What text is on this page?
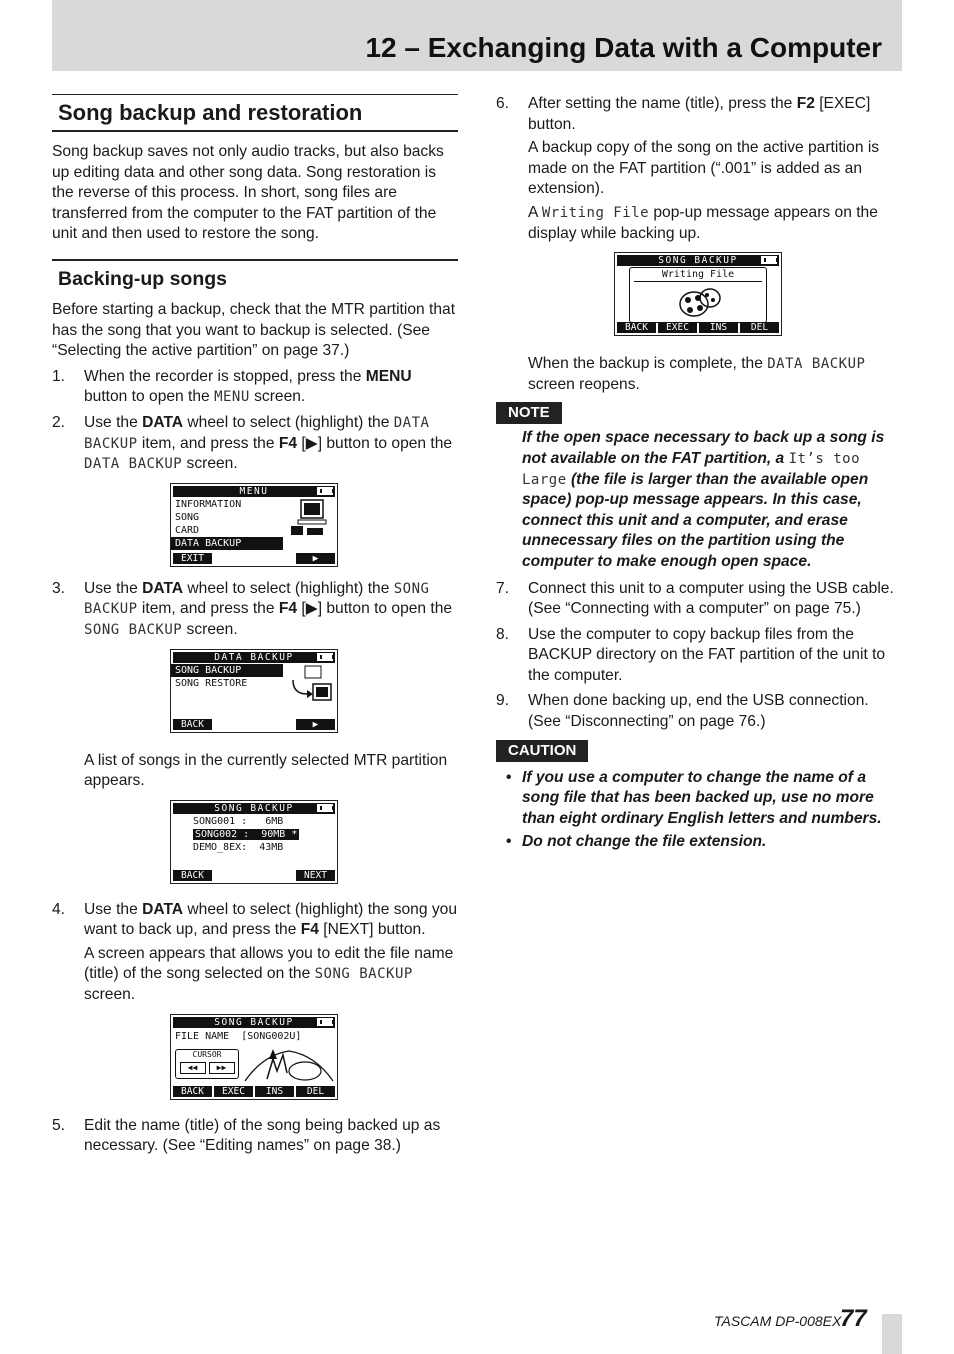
12 – Exchanging Data with a Computer
Song backup and restoration

Song backup saves not only audio tracks, but also backs up editing data and other song data. Song restoration is the reverse of this process. In short, song files are transferred from the computer to the FAT partition of the unit and then used to restore the song.

Backing-up songs

Before starting a backup, check that the MTR partition that has the song that you want to backup is selected. (See “Selecting the active partition” on page 37.)

1. When the recorder is stopped, press the MENU button to open the MENU screen.

2. Use the DATA wheel to select (highlight) the DATA BACKUP item, and press the F4 [▶] button to open the DATA BACKUP screen.

MENU
INFORMATION
SONG
CARD
DATA BACKUP
EXIT	▶
3. Use the DATA wheel to select (highlight) the SONG BACKUP item, and press the F4 [▶] button to open the SONG BACKUP screen.

DATA BACKUP
SONG BACKUP
SONG RESTORE
BACK	▶

A list of songs in the currently selected MTR partition appears.

SONG BACKUP
SONG001 :   6MB
SONG002 :  90MB *
DEMO_8EX:  43MB
BACK	NEXT
4. Use the DATA wheel to select (highlight) the song you want to back up, and press the F4 [NEXT] button.

A screen appears that allows you to edit the file name (title) of the song selected on the SONG BACKUP screen.

SONG BACKUP
FILE NAME  [SONG002U]
CURSOR
◀◀	▶▶
BACK	EXEC	INS	DEL
5. Edit the name (title) of the song being backed up as necessary. (See “Editing names” on page 38.)

6. After setting the name (title), press the F2 [EXEC] button.

A backup copy of the song on the active partition is made on the FAT partition (“.001” is added as an extension).

A Writing File pop-up message appears on the display while backing up.

SONG BACKUP
Writing File
BACK	EXEC	INS	DEL

When the backup is complete, the DATA BACKUP screen reopens.

NOTE

If the open space necessary to back up a song is not available on the FAT partition, a It’s too Large (the file is larger than the available open space) pop-up message appears. In this case, connect this unit and a computer, and erase unnecessary files on the partition using the computer to make enough open space.

7. Connect this unit to a computer using the USB cable. (See “Connecting with a computer” on page 75.)

8. Use the computer to copy backup files from the BACKUP directory on the FAT partition of the unit to the computer.

9. When done backing up, end the USB connection. (See “Disconnecting” on page 76.)

CAUTION
• If you use a computer to change the name of a song file that has been backed up, use no more than eight ordinary English letters and numbers.
• Do not change the file extension.
TASCAM DP-008EX
77
